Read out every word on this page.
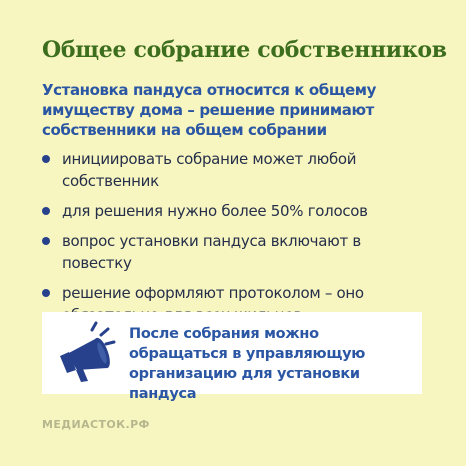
Общее собрание собственников

Установка пандуса относится к общему имуществу дома – решение принимают собственники на общем собрании

инициировать собрание может любой собственник
для решения нужно более 50% голосов
вопрос установки пандуса включают в повестку
решение оформляют протоколом – оно

После собрания можно обращаться в управляющую организацию для установки пандуса

МЕДИАСТОК.РФ
